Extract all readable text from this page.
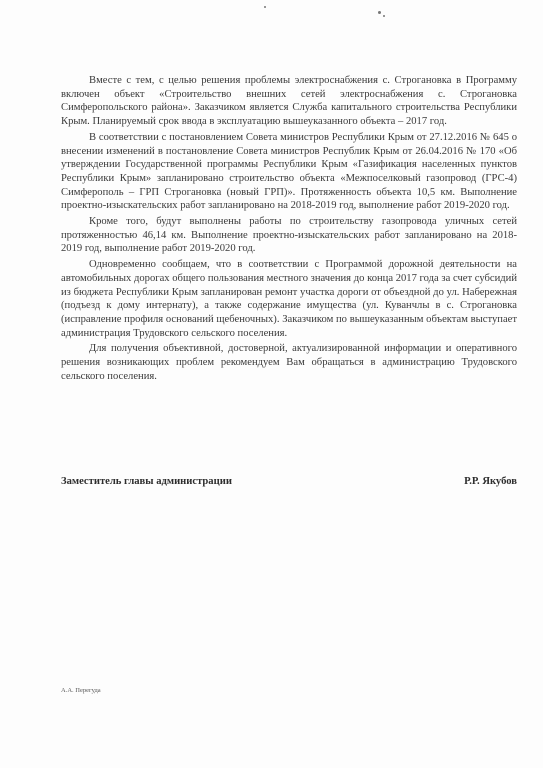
Вместе с тем, с целью решения проблемы электроснабжения с. Строгановка в Программу включен объект «Строительство внешних сетей электроснабжения с. Строгановка Симферопольского района». Заказчиком является Служба капитального строительства Республики Крым. Планируемый срок ввода в эксплуатацию вышеуказанного объекта – 2017 год.

В соответствии с постановлением Совета министров Республики Крым от 27.12.2016 № 645 о внесении изменений в постановление Совета министров Республик Крым от 26.04.2016 № 170 «Об утверждении Государственной программы Республики Крым «Газификация населенных пунктов Республики Крым» запланировано строительство объекта «Межпоселковый газопровод (ГРС-4) Симферополь – ГРП Строгановка (новый ГРП)». Протяженность объекта 10,5 км. Выполнение проектно-изыскательских работ запланировано на 2018-2019 год, выполнение работ 2019-2020 год.

Кроме того, будут выполнены работы по строительству газопровода уличных сетей протяженностью 46,14 км. Выполнение проектно-изыскательских работ запланировано на 2018-2019 год, выполнение работ 2019-2020 год.

Одновременно сообщаем, что в соответствии с Программой дорожной деятельности на автомобильных дорогах общего пользования местного значения до конца 2017 года за счет субсидий из бюджета Республики Крым запланирован ремонт участка дороги от объездной до ул. Набережная (подъезд к дому интернату), а также содержание имущества (ул. Куванчлы в с. Строгановка (исправление профиля оснований щебеночных). Заказчиком по вышеуказанным объектам выступает администрация Трудовского сельского поселения.

Для получения объективной, достоверной, актуализированной информации и оперативного решения возникающих проблем рекомендуем Вам обращаться в администрацию Трудовского сельского поселения.

Заместитель главы администрации	Р.Р. Якубов
А.А. Перегуда
